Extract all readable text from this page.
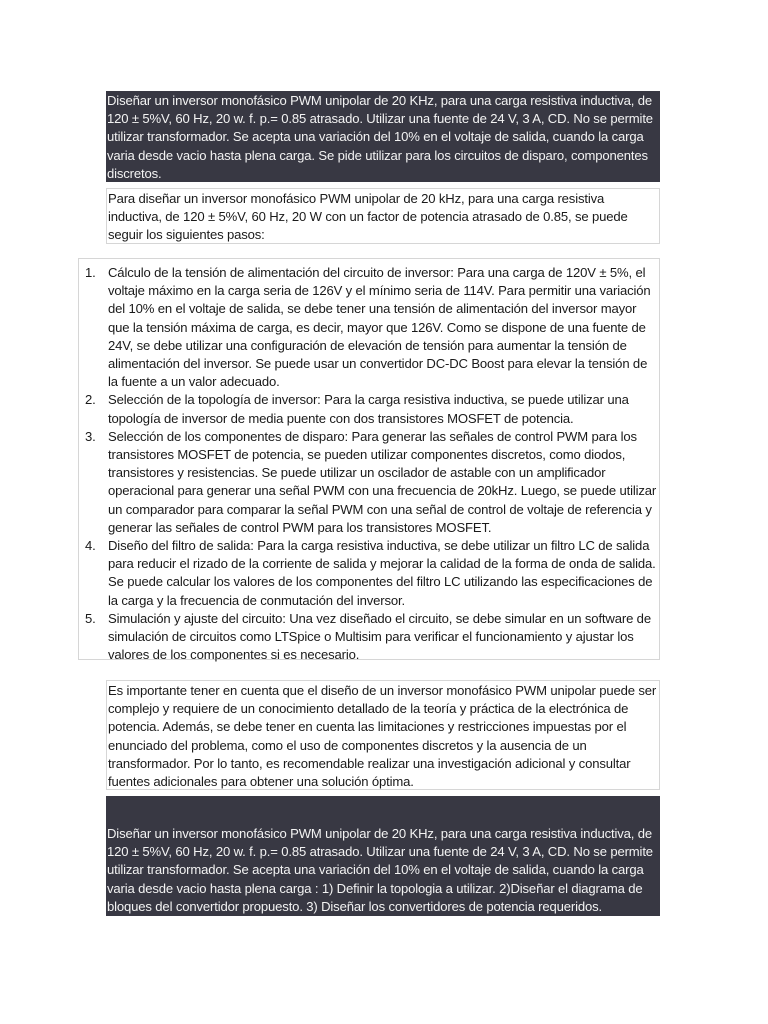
Diseñar un inversor monofásico PWM unipolar de 20 KHz, para una carga resistiva inductiva, de 120 ± 5%V, 60 Hz, 20 w. f. p.= 0.85 atrasado. Utilizar una fuente de 24 V, 3 A, CD. No se permite utilizar transformador. Se acepta una variación del 10% en el voltaje de salida, cuando la carga varia desde vacio hasta plena carga. Se pide utilizar para los circuitos de disparo, componentes discretos.
Para diseñar un inversor monofásico PWM unipolar de 20 kHz, para una carga resistiva inductiva, de 120 ± 5%V, 60 Hz, 20 W con un factor de potencia atrasado de 0.85, se puede seguir los siguientes pasos:
1. Cálculo de la tensión de alimentación del circuito de inversor: Para una carga de 120V ± 5%, el voltaje máximo en la carga seria de 126V y el mínimo seria de 114V. Para permitir una variación del 10% en el voltaje de salida, se debe tener una tensión de alimentación del inversor mayor que la tensión máxima de carga, es decir, mayor que 126V. Como se dispone de una fuente de 24V, se debe utilizar una configuración de elevación de tensión para aumentar la tensión de alimentación del inversor. Se puede usar un convertidor DC-DC Boost para elevar la tensión de la fuente a un valor adecuado.
2. Selección de la topología de inversor: Para la carga resistiva inductiva, se puede utilizar una topología de inversor de media puente con dos transistores MOSFET de potencia.
3. Selección de los componentes de disparo: Para generar las señales de control PWM para los transistores MOSFET de potencia, se pueden utilizar componentes discretos, como diodos, transistores y resistencias. Se puede utilizar un oscilador de astable con un amplificador operacional para generar una señal PWM con una frecuencia de 20kHz. Luego, se puede utilizar un comparador para comparar la señal PWM con una señal de control de voltaje de referencia y generar las señales de control PWM para los transistores MOSFET.
4. Diseño del filtro de salida: Para la carga resistiva inductiva, se debe utilizar un filtro LC de salida para reducir el rizado de la corriente de salida y mejorar la calidad de la forma de onda de salida. Se puede calcular los valores de los componentes del filtro LC utilizando las especificaciones de la carga y la frecuencia de conmutación del inversor.
5. Simulación y ajuste del circuito: Una vez diseñado el circuito, se debe simular en un software de simulación de circuitos como LTSpice o Multisim para verificar el funcionamiento y ajustar los valores de los componentes si es necesario.
Es importante tener en cuenta que el diseño de un inversor monofásico PWM unipolar puede ser complejo y requiere de un conocimiento detallado de la teoría y práctica de la electrónica de potencia. Además, se debe tener en cuenta las limitaciones y restricciones impuestas por el enunciado del problema, como el uso de componentes discretos y la ausencia de un transformador. Por lo tanto, es recomendable realizar una investigación adicional y consultar fuentes adicionales para obtener una solución óptima.
Diseñar un inversor monofásico PWM unipolar de 20 KHz, para una carga resistiva inductiva, de 120 ± 5%V, 60 Hz, 20 w. f. p.= 0.85 atrasado. Utilizar una fuente de 24 V, 3 A, CD. No se permite utilizar transformador. Se acepta una variación del 10% en el voltaje de salida, cuando la carga varia desde vacio hasta plena carga : 1) Definir la topologia a utilizar. 2)Diseñar el diagrama de bloques del convertidor propuesto. 3) Diseñar los convertidores de potencia requeridos.
